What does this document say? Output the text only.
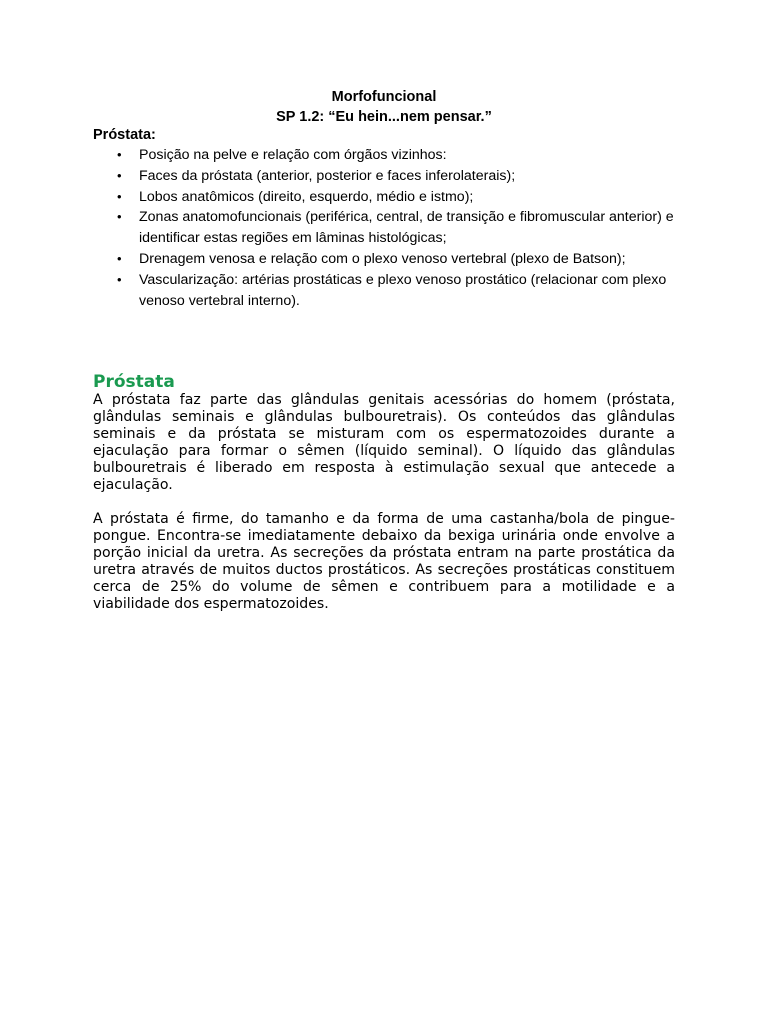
Morfofuncional
SP 1.2: “Eu hein...nem pensar.”
Próstata:
• Posição na pelve e relação com órgãos vizinhos:
• Faces da próstata (anterior, posterior e faces inferolaterais);
• Lobos anatômicos (direito, esquerdo, médio e istmo);
• Zonas anatomofuncionais (periférica, central, de transição e fibromuscular anterior) e identificar estas regiões em lâminas histológicas;
• Drenagem venosa e relação com o plexo venoso vertebral (plexo de Batson);
• Vascularização: artérias prostáticas e plexo venoso prostático (relacionar com plexo venoso vertebral interno).
Próstata

A próstata faz parte das glândulas genitais acessórias do homem (próstata, glândulas seminais e glândulas bulbouretrais). Os conteúdos das glândulas seminais e da próstata se misturam com os espermatozoides durante a ejaculação para formar o sêmen (líquido seminal). O líquido das glândulas bulbouretrais é liberado em resposta à estimulação sexual que antecede a ejaculação.

A próstata é firme, do tamanho e da forma de uma castanha/bola de pingue-pongue. Encontra-se imediatamente debaixo da bexiga urinária onde envolve a porção inicial da uretra. As secreções da próstata entram na parte prostática da uretra através de muitos ductos prostáticos. As secreções prostáticas constituem cerca de 25% do volume de sêmen e contribuem para a motilidade e a viabilidade dos espermatozoides.
